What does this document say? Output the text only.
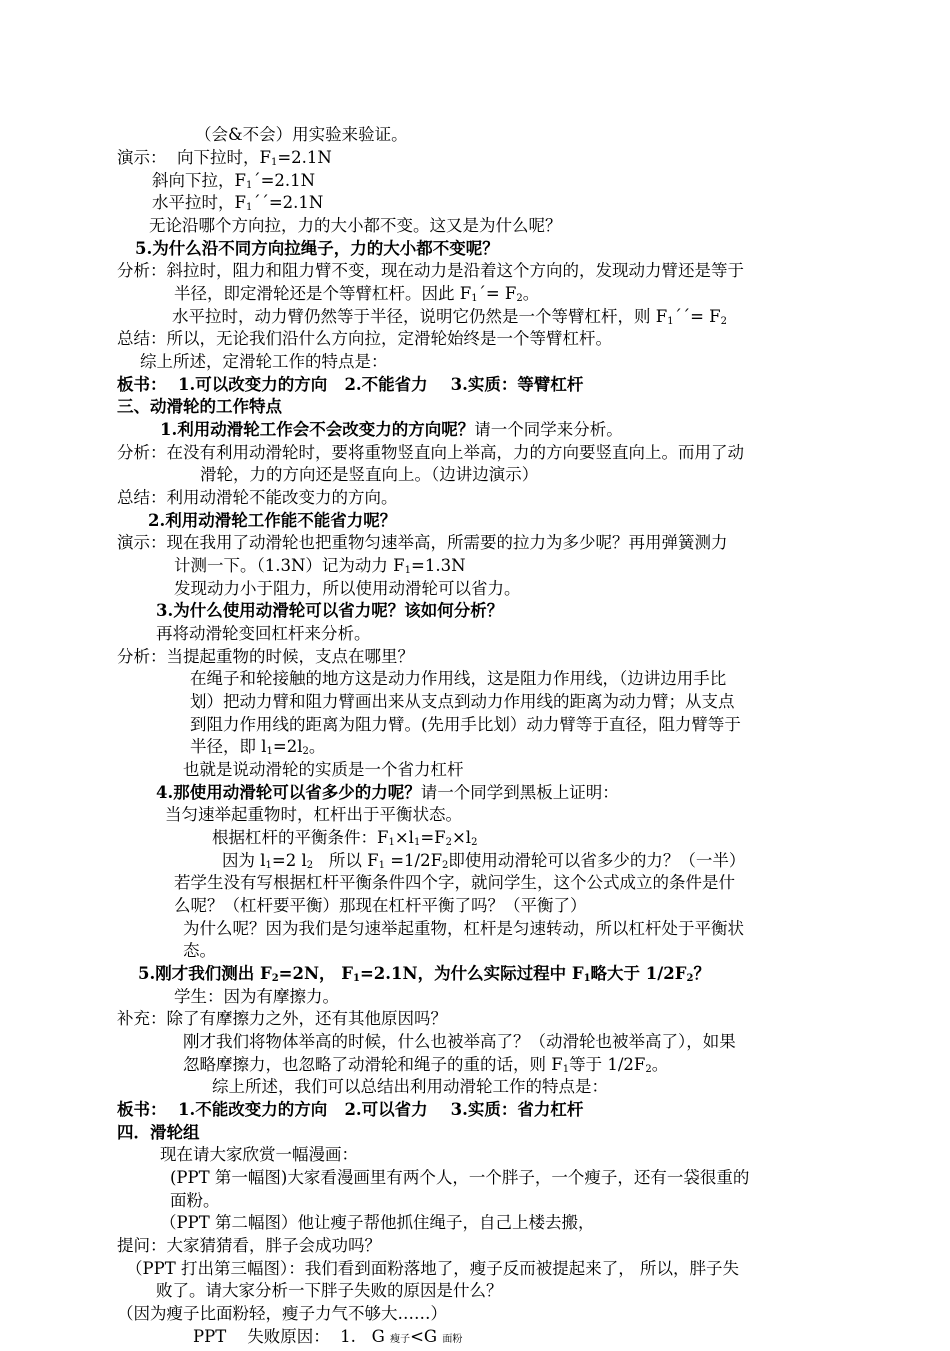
（会&不会）用实验来验证。
演示： 向下拉时，$F_1=2.1N$
斜向下拉，$F_1ˊ=2.1N$
水平拉时，$F_1ˊˊ=2.1N$
无论沿哪个方向拉，力的大小都不变。这又是为什么呢？
5.为什么沿不同方向拉绳子，力的大小都不变呢？
分析：斜拉时，阻力和阻力臂不变，现在动力是沿着这个方向的，发现动力臂还是等于
半径，即定滑轮还是个等臂杠杆。因此 $F_1ˊ= F_2$。
水平拉时，动力臂仍然等于半径，说明它仍然是一个等臂杠杆，则 $F_1ˊˊ= F_2$
总结：所以，无论我们沿什么方向拉，定滑轮始终是一个等臂杠杆。
综上所述，定滑轮工作的特点是：
板书：  1.可以改变力的方向   2.不能省力    3.实质：等臂杠杆
三、动滑轮的工作特点
1.利用动滑轮工作会不会改变力的方向呢？请一个同学来分析。
分析：在没有利用动滑轮时，要将重物竖直向上举高，力的方向要竖直向上。而用了动
滑轮，力的方向还是竖直向上。（边讲边演示）
总结：利用动滑轮不能改变力的方向。
2.利用动滑轮工作能不能省力呢？
演示：现在我用了动滑轮也把重物匀速举高，所需要的拉力为多少呢？再用弹簧测力
计测一下。（1.3N）记为动力 $F_1=1.3N$
发现动力小于阻力，所以使用动滑轮可以省力。
3.为什么使用动滑轮可以省力呢？该如何分析？
再将动滑轮变回杠杆来分析。
分析：当提起重物的时候，支点在哪里？
在绳子和轮接触的地方这是动力作用线，这是阻力作用线，（边讲边用手比
划）把动力臂和阻力臂画出来从支点到动力作用线的距离为动力臂；从支点
到阻力作用线的距离为阻力臂。(先用手比划）动力臂等于直径，阻力臂等于
半径，即 $l_1=2l_2$。
也就是说动滑轮的实质是一个省力杠杆
4.那使用动滑轮可以省多少的力呢？请一个同学到黑板上证明：
当匀速举起重物时，杠杆出于平衡状态。
根据杠杆的平衡条件：$F_1\times l_1=F_2\times l_2$
因为 $l_1=2$ $l_2$   所以 $F_1 =1/2F_2$即使用动滑轮可以省多少的力？（一半）
若学生没有写根据杠杆平衡条件四个字，就问学生，这个公式成立的条件是什
么呢？（杠杆要平衡）那现在杠杆平衡了吗？（平衡了）
为什么呢？因为我们是匀速举起重物，杠杆是匀速转动，所以杠杆处于平衡状
态。
5.刚才我们测出 $F_2=2N$， $F_1=2.1N$，为什么实际过程中 $F_1$略大于 $1/2F_2$？
学生：因为有摩擦力。
补充：除了有摩擦力之外，还有其他原因吗？
刚才我们将物体举高的时候，什么也被举高了？（动滑轮也被举高了），如果
忽略摩擦力，也忽略了动滑轮和绳子的重的话，则 $F_1$等于 $1/2F_2$。
综上所述，我们可以总结出利用动滑轮工作的特点是：
板书：  1.不能改变力的方向   2.可以省力    3.实质：省力杠杆
四．滑轮组
现在请大家欣赏一幅漫画：
(PPT 第一幅图)大家看漫画里有两个人，一个胖子，一个瘦子，还有一袋很重的
面粉。
（PPT 第二幅图）他让瘦子帮他抓住绳子，自己上楼去搬，
提问：大家猜猜看，胖子会成功吗？
（PPT 打出第三幅图）：我们看到面粉落地了，瘦子反而被提起来了， 所以，胖子失
败了。请大家分析一下胖子失败的原因是什么？
（因为瘦子比面粉轻，瘦子力气不够大……）
PPT    失败原因：  1.   G 瘦子<G 面粉
